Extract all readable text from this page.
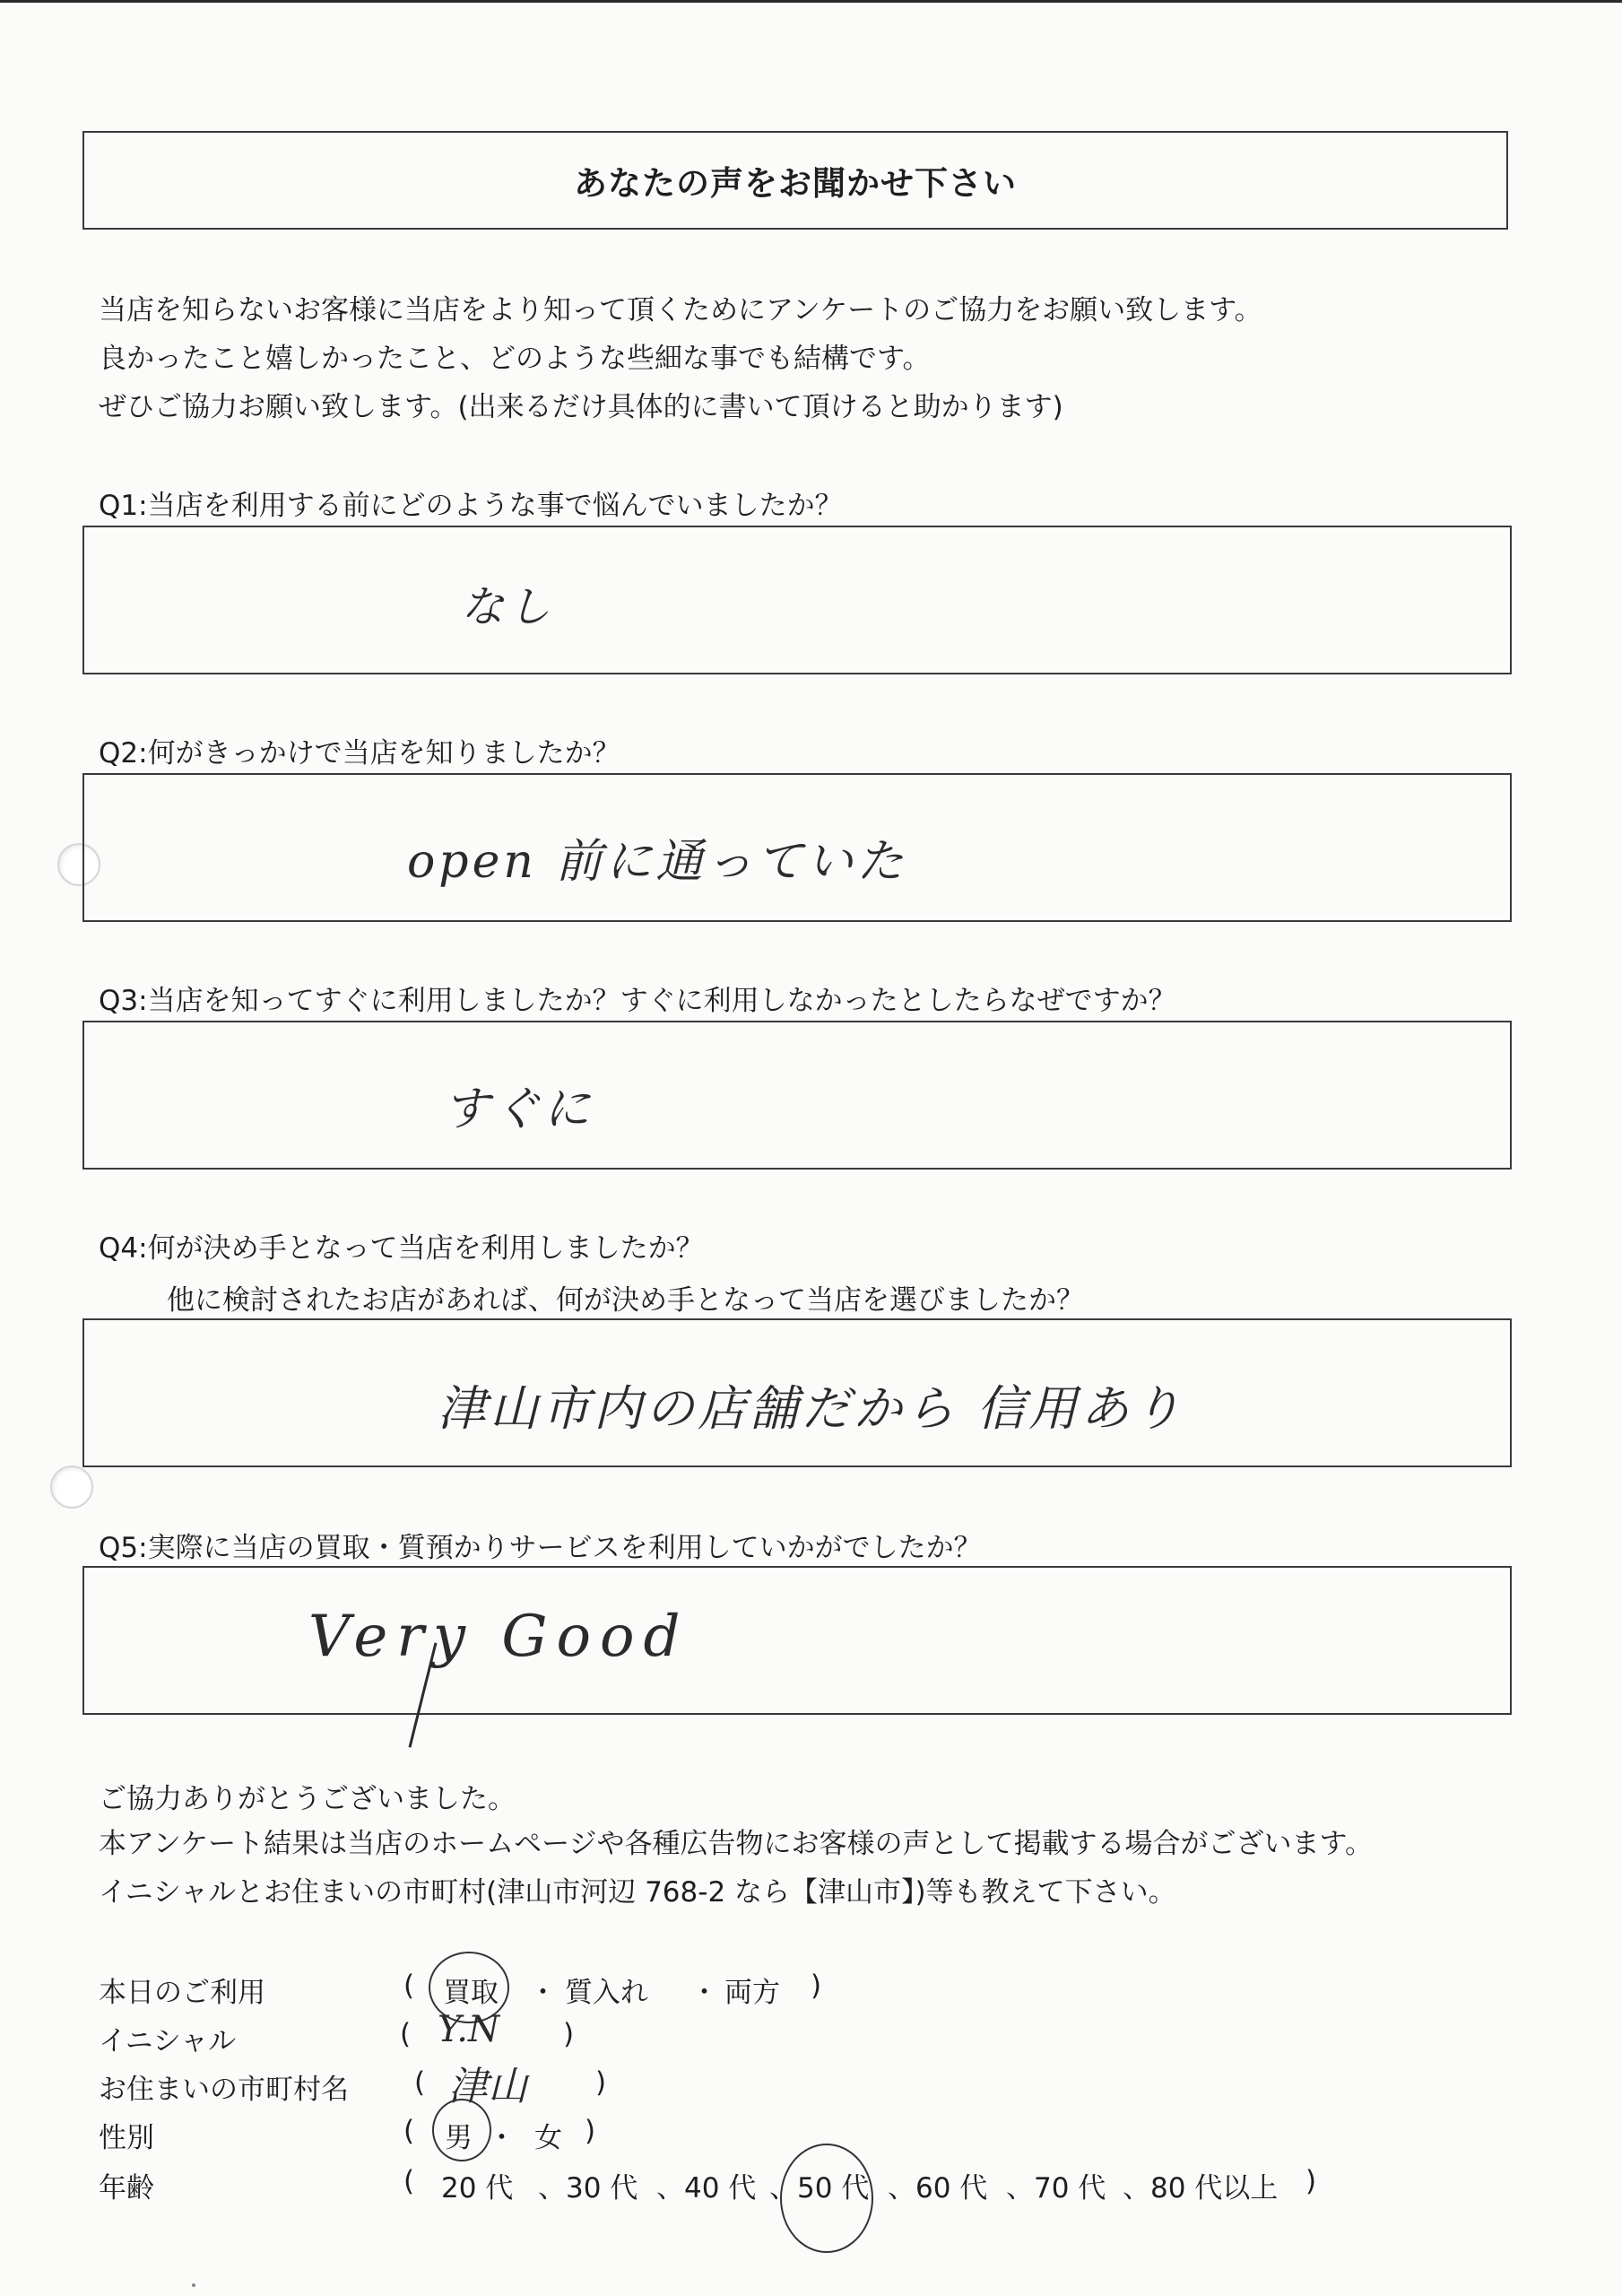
あなたの声をお聞かせ下さい
当店を知らないお客様に当店をより知って頂くためにアンケートのご協力をお願い致します。
良かったこと嬉しかったこと、どのような些細な事でも結構です。
ぜひご協力お願い致します。(出来るだけ具体的に書いて頂けると助かります)
Q1:当店を利用する前にどのような事で悩んでいましたか？
なし
Q2:何がきっかけで当店を知りましたか？
open 前に通っていた
Q3:当店を知ってすぐに利用しましたか？すぐに利用しなかったとしたらなぜですか？
すぐに
Q4:何が決め手となって当店を利用しましたか？
他に検討されたお店があれば、何が決め手となって当店を選びましたか？
津山市内の店舗だから 信用あり
Q5:実際に当店の買取・質預かりサービスを利用していかがでしたか？
Very Good
ご協力ありがとうございました。
本アンケート結果は当店のホームページや各種広告物にお客様の声として掲載する場合がございます。
イニシャルとお住まいの市町村(津山市河辺 768-2 なら【津山市】)等も教えて下さい。
本日のご利用	( 買取 ・ 質入れ ・ 両方 )
イニシャル	( Y.N )
お住まいの市町村名 ( 津山 )
性別	( 男 ・ 女 )
年齢	( 20 代 、30 代 、40 代 、50 代 、60 代 、70 代 、80 代以上 )
